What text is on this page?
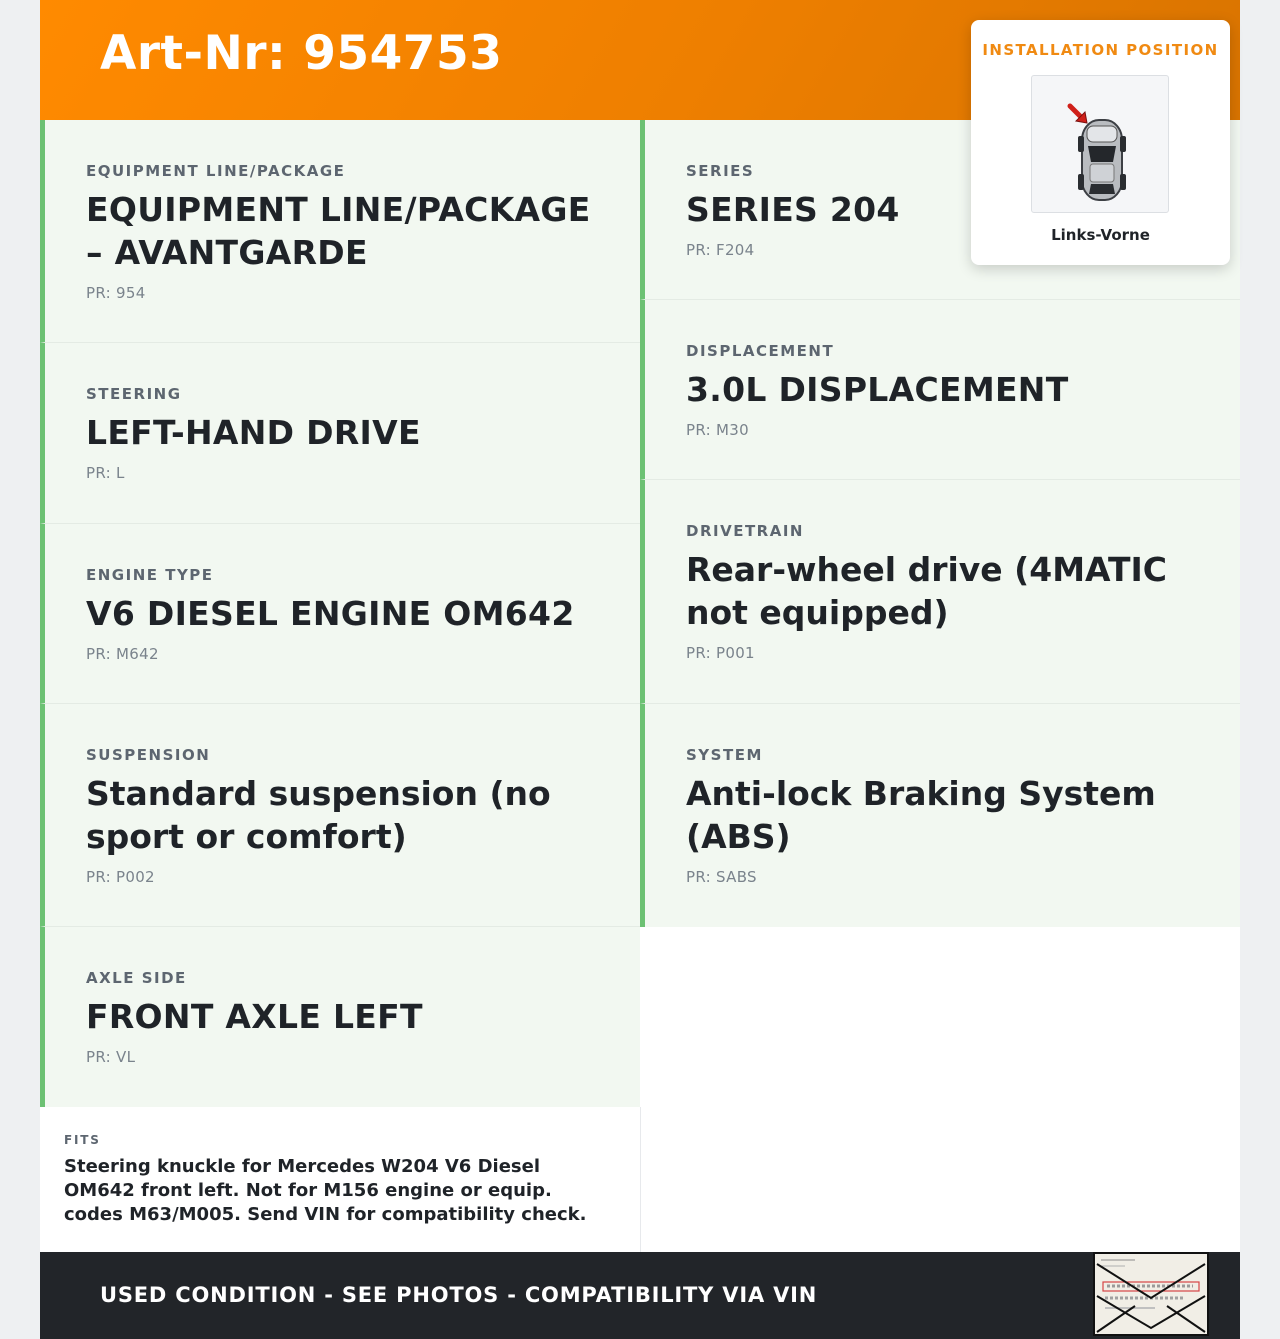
Art-Nr: 954753
EQUIPMENT LINE/PACKAGE
EQUIPMENT LINE/PACKAGE – AVANTGARDE
PR: 954
STEERING
LEFT-HAND DRIVE
PR: L
ENGINE TYPE
V6 DIESEL ENGINE OM642
PR: M642
SUSPENSION
Standard suspension (no sport or comfort)
PR: P002
AXLE SIDE
FRONT AXLE LEFT
PR: VL
SERIES
SERIES 204
PR: F204
DISPLACEMENT
3.0L DISPLACEMENT
PR: M30
DRIVETRAIN
Rear-wheel drive (4MATIC not equipped)
PR: P001
SYSTEM
Anti-lock Braking System (ABS)
PR: SABS
FITS
Steering knuckle for Mercedes W204 V6 Diesel OM642 front left. Not for M156 engine or equip. codes M63/M005. Send VIN for compatibility check.
USED CONDITION - SEE PHOTOS - COMPATIBILITY VIA VIN
INSTALLATION POSITION
Links-Vorne
